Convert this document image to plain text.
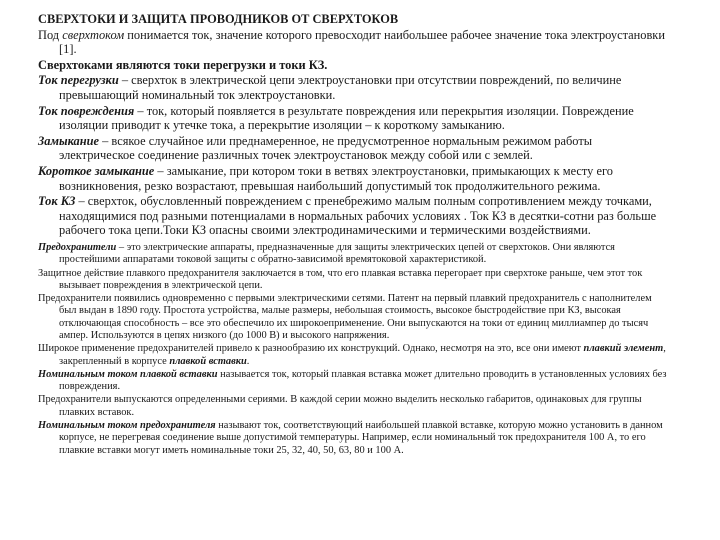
СВЕРХТОКИ И ЗАЩИТА ПРОВОДНИКОВ ОТ СВЕРХТОКОВ

Под сверхтоком понимается ток, значение которого превосходит наибольшее рабочее значение тока электроустановки [1].

Сверхтоками являются токи перегрузки и токи КЗ.

Ток перегрузки – сверхток в электрической цепи электроустановки при отсутствии повреждений, по величине превышающий номинальный ток электроустановки.

Ток повреждения – ток, который появляется в результате повреждения или перекрытия изоляции. Повреждение изоляции приводит к утечке тока, а перекрытие изоляции – к короткому замыканию.

Замыкание – всякое случайное или преднамеренное, не предусмотренное нормальным режимом работы электрическое соединение различных точек электроустановок между собой или с землей.

Короткое замыкание – замыкание, при котором токи в ветвях электроустановки, примыкающих к месту его возникновения, резко возрастают, превышая наибольший допустимый ток продолжительного режима.

Ток КЗ – сверхток, обусловленный повреждением с пренебрежимо малым полным сопротивлением между точками, находящимися под разными потенциалами в нормальных рабочих условиях . Ток КЗ в десятки-сотни раз больше рабочего тока цепи.Токи КЗ опасны своими электродинамическими и термическими воздействиями.

Предохранители – это электрические аппараты, предназначенные для защиты электрических цепей от сверхтоков. Они являются простейшими аппаратами токовой защиты с обратно-зависимой времятоковой характеристикой.

Защитное действие плавкого предохранителя заключается в том, что его плавкая вставка перегорает при сверхтоке раньше, чем этот ток вызывает повреждения в электрической цепи.

Предохранители появились одновременно с первыми электрическими сетями. Патент на первый плавкий предохранитель с наполнителем был выдан в 1890 году. Простота устройства, малые размеры, небольшая стоимость, высокое быстродействие при КЗ, высокая отключающая способность – все это обеспечило их широкоеприменение. Они выпускаются на токи от единиц миллиампер до тысяч ампер. Используются в цепях низкого (до 1000 В) и высокого напряжения.

Широкое применение предохранителей привело к разнообразию их конструкций. Однако, несмотря на это, все они имеют плавкий элемент, закрепленный в корпусе плавкой вставки.

Номинальным током плавкой вставки называется ток, который плавкая вставка может длительно проводить в установленных условиях без повреждения.

Предохранители выпускаются определенными сериями. В каждой серии можно выделить несколько габаритов, одинаковых для группы плавких вставок.

Номинальным током предохранителя называют ток, соответствующий наибольшей плавкой вставке, которую можно установить в данном корпусе, не перегревая соединение выше допустимой температуры. Например, если номинальный ток предохранителя 100 А, то его плавкие вставки могут иметь номинальные токи 25, 32, 40, 50, 63, 80 и 100 А.
